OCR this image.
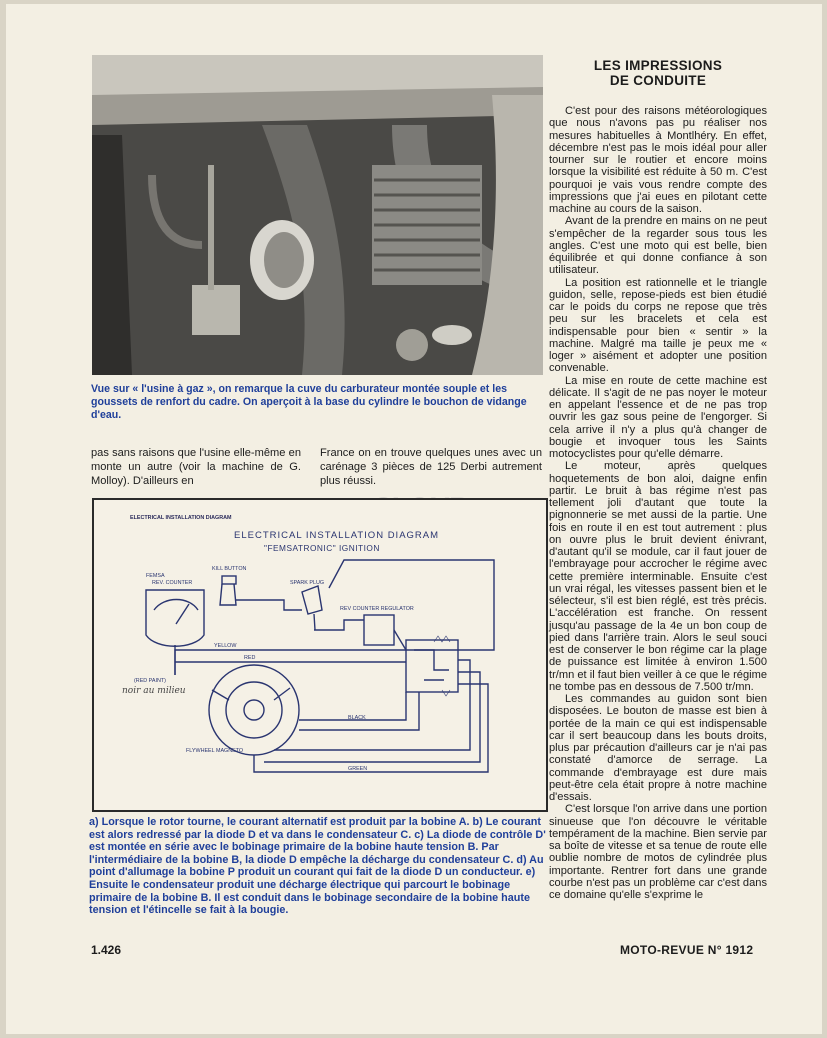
Vue sur « l'usine à gaz », on remarque la cuve du carburateur montée souple et les goussets de renfort du cadre. On aperçoit à la base du cylindre le bouchon de vidange d'eau.

pas sans raisons que l'usine elle-même en monte un autre (voir la machine de G. Molloy). D'ailleurs en

France on en trouve quelques unes avec un carénage 3 pièces de 125 Derbi autrement plus réussi.

ELECTRICAL INSTALLATION DIAGRAM
ELECTRICAL INSTALLATION DIAGRAM
"FEMSATRONIC" IGNITION
FEMSA
REV. COUNTER
KILL BUTTON
SPARK PLUG
REV COUNTER REGULATOR
FLYWHEEL MAGNETO
(RED PAINT)
YELLOW
RED
BLACK
GREEN
noir au milieu
a) Lorsque le rotor tourne, le courant alternatif est produit par la bobine A. b) Le courant est alors redressé par la diode D et va dans le condensateur C. c) La diode de contrôle D' est montée en série avec le bobinage primaire de la bobine haute tension B. Par l'intermédiaire de la bobine B, la diode D empêche la décharge du condensateur C. d) Au point d'allumage la bobine P produit un courant qui fait de la diode D un conducteur. e) Ensuite le condensateur produit une décharge électrique qui parcourt le bobinage primaire de la bobine B. Il est conduit dans le bobinage secondaire de la bobine haute tension et l'étincelle se fait à la bougie.
LES IMPRESSIONS
DE CONDUITE

C'est pour des raisons météorologiques que nous n'avons pas pu réaliser nos mesures habituelles à Montlhéry. En effet, décembre n'est pas le mois idéal pour aller tourner sur le routier et encore moins lorsque la visibilité est réduite à 50 m. C'est pourquoi je vais vous rendre compte des impressions que j'ai eues en pilotant cette machine au cours de la saison.

Avant de la prendre en mains on ne peut s'empêcher de la regarder sous tous les angles. C'est une moto qui est belle, bien équilibrée et qui donne confiance à son utilisateur.

La position est rationnelle et le triangle guidon, selle, repose-pieds est bien étudié car le poids du corps ne repose que très peu sur les bracelets et cela est indispensable pour bien « sentir » la machine. Malgré ma taille je peux me « loger » aisément et adopter une position convenable.

La mise en route de cette machine est délicate. Il s'agit de ne pas noyer le moteur en appelant l'essence et de ne pas trop ouvrir les gaz sous peine de l'engorger. Si cela arrive il n'y a plus qu'à changer de bougie et invoquer tous les Saints motocyclistes pour qu'elle démarre.

Le moteur, après quelques hoquetements de bon aloi, daigne enfin partir. Le bruit à bas régime n'est pas tellement joli d'autant que toute la pignonnerie se met aussi de la partie. Une fois en route il en est tout autrement : plus on ouvre plus le bruit devient énivrant, d'autant qu'il se module, car il faut jouer de l'embrayage pour accrocher le régime avec cette première interminable. Ensuite c'est un vrai régal, les vitesses passent bien et le sélecteur, s'il est bien réglé, est très précis. L'accélération est franche. On ressent jusqu'au passage de la 4e un bon coup de pied dans l'arrière train. Alors le seul souci est de conserver le bon régime car la plage de puissance est limitée à environ 1.500 tr/mn et il faut bien veiller à ce que le régime ne tombe pas en dessous de 7.500 tr/mn.

Les commandes au guidon sont bien disposées. Le bouton de masse est bien à portée de la main ce qui est indispensable car il sert beaucoup dans les bouts droits, plus par précaution d'ailleurs car je n'ai pas constaté d'amorce de serrage. La commande d'embrayage est dure mais peut-être cela était propre à notre machine d'essais.

C'est lorsque l'on arrive dans une portion sinueuse que l'on découvre le véritable tempérament de la machine. Bien servie par sa boîte de vitesse et sa tenue de route elle oublie nombre de motos de cylindrée plus importante. Rentrer fort dans une grande courbe n'est pas un problème car c'est dans ce domaine qu'elle s'exprime le

1.426	MOTO-REVUE N° 1912
